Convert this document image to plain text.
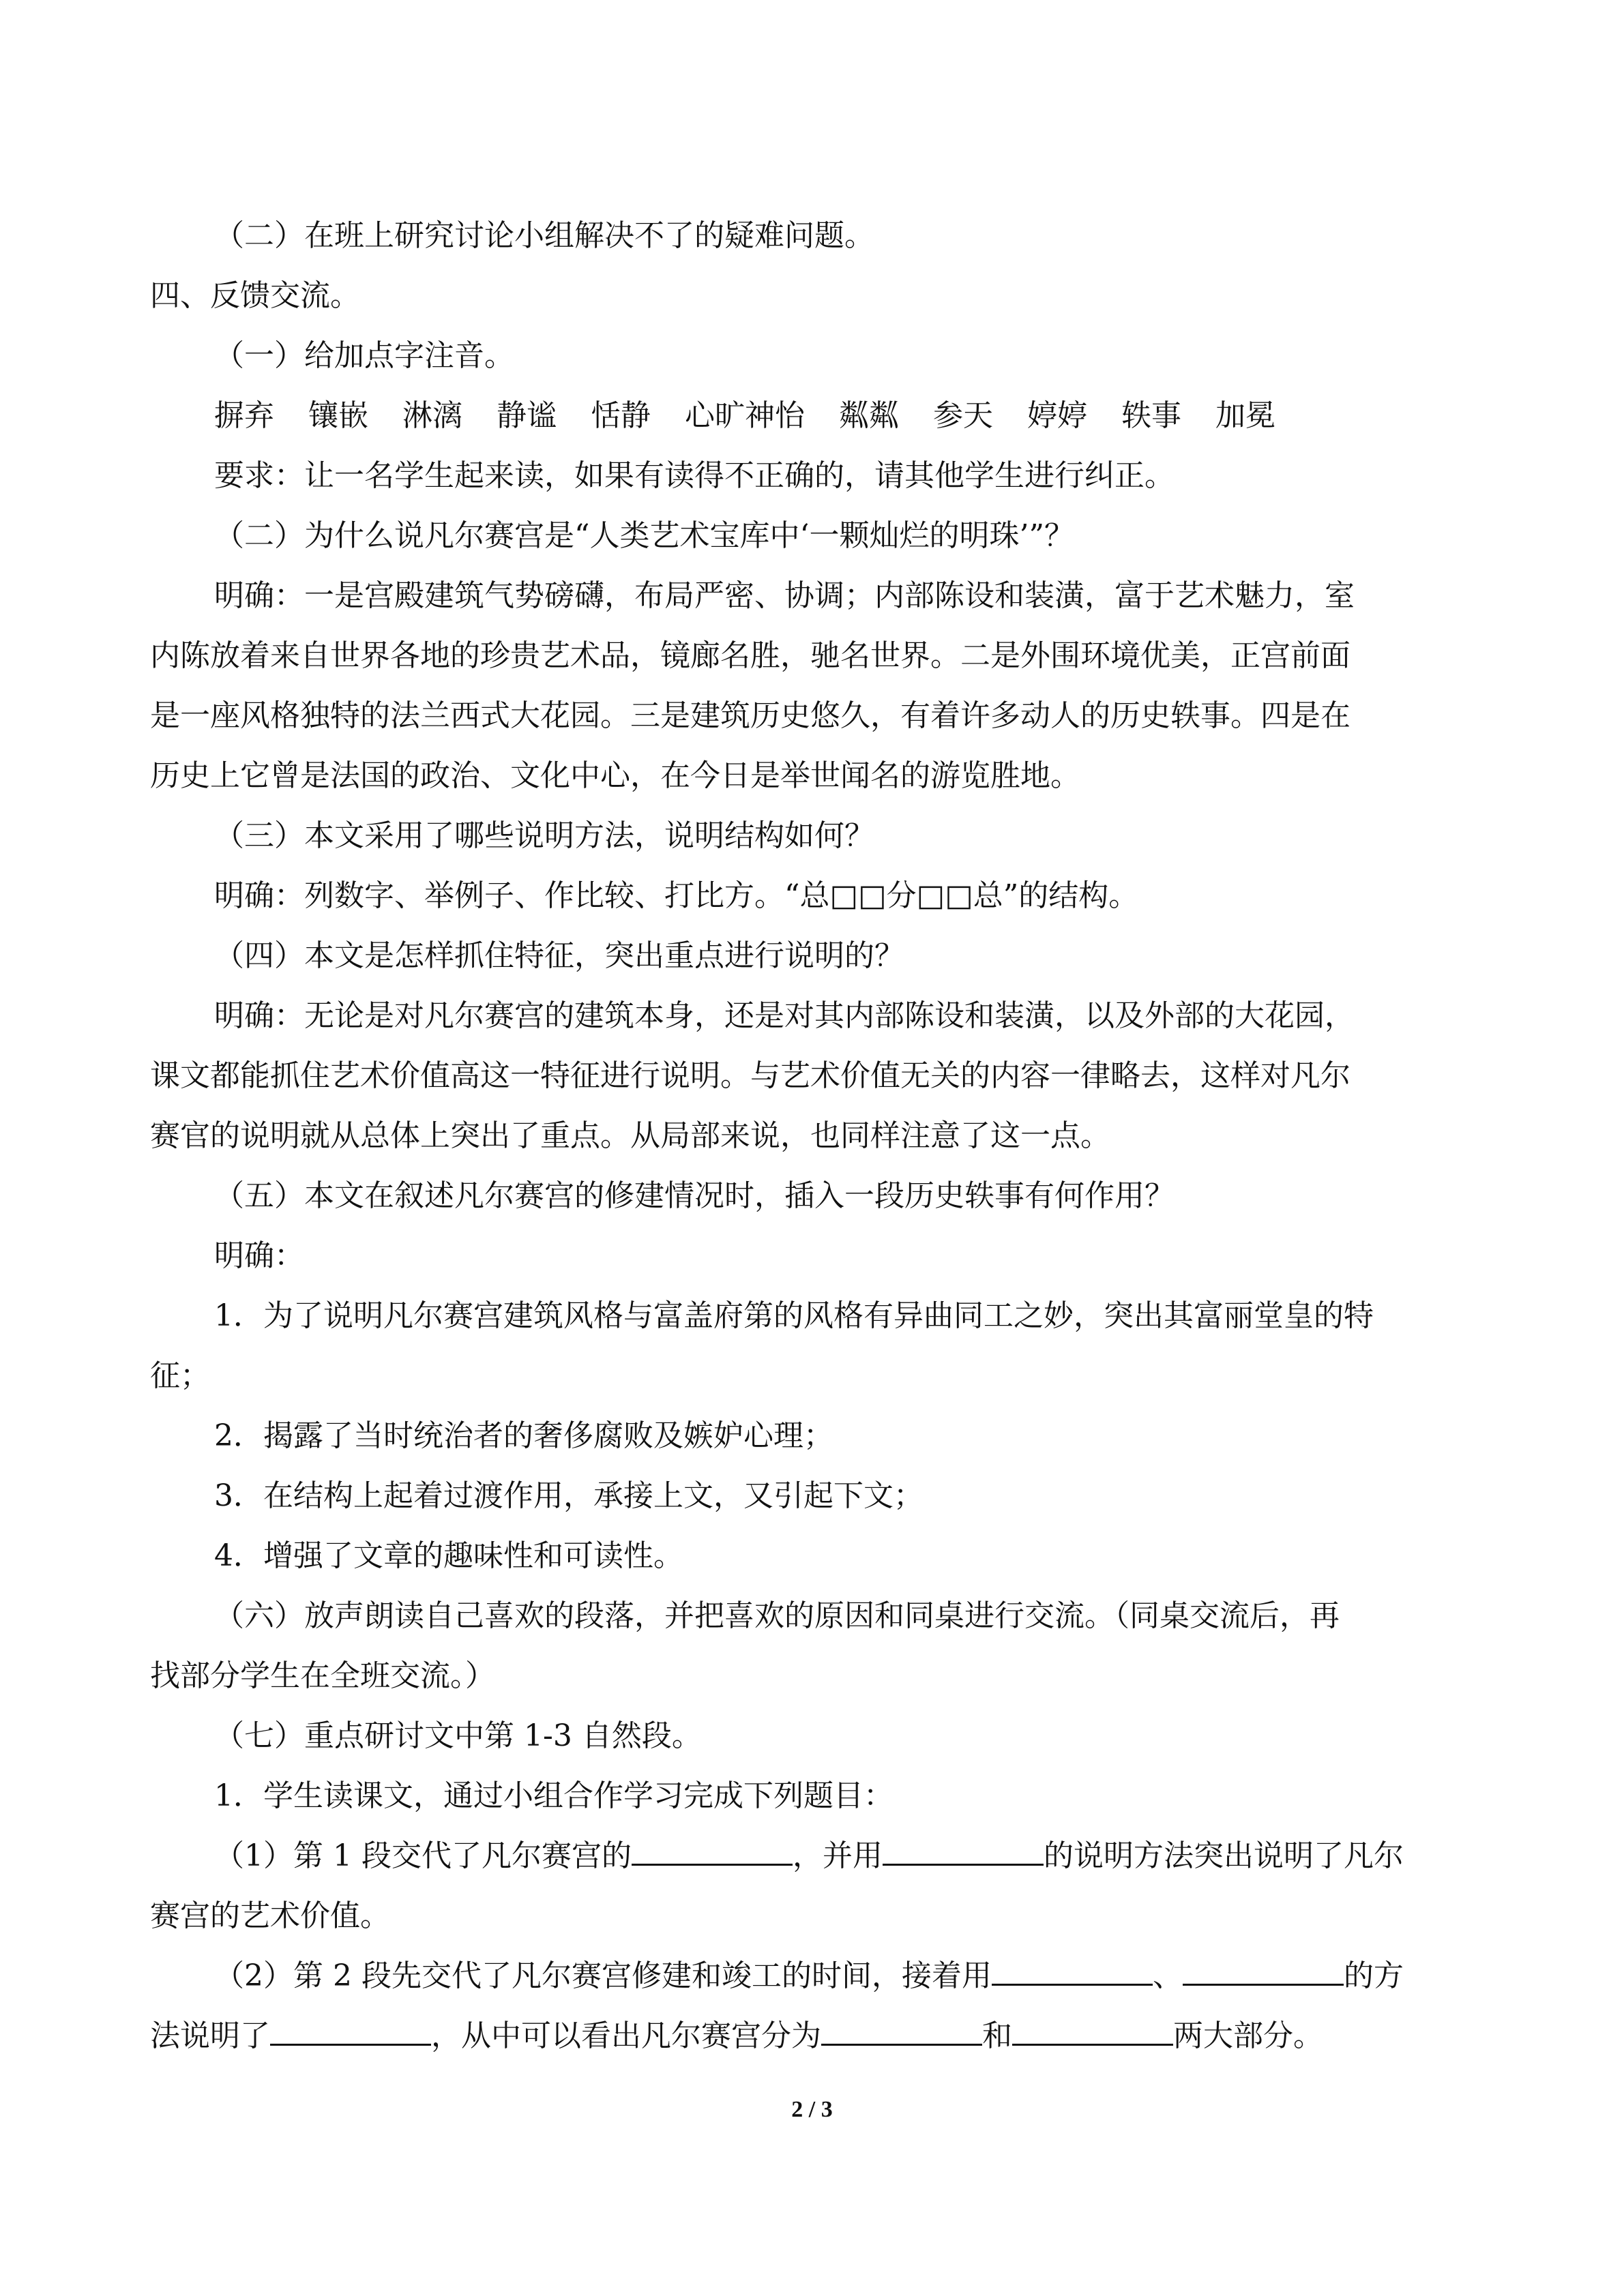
（二）在班上研究讨论小组解决不了的疑难问题。
四、反馈交流。
（一）给加点字注音。
摒弃 镶嵌 淋漓 静谧 恬静 心旷神怡 粼粼 参天 婷婷 轶事 加冕
要求：让一名学生起来读，如果有读得不正确的，请其他学生进行纠正。
（二）为什么说凡尔赛宫是“人类艺术宝库中‘一颗灿烂的明珠’”？
明确：一是宫殿建筑气势磅礴，布局严密、协调；内部陈设和装潢，富于艺术魅力，室
内陈放着来自世界各地的珍贵艺术品，镜廊名胜，驰名世界。二是外围环境优美，正宫前面
是一座风格独特的法兰西式大花园。三是建筑历史悠久，有着许多动人的历史轶事。四是在
历史上它曾是法国的政治、文化中心，在今日是举世闻名的游览胜地。
（三）本文采用了哪些说明方法，说明结构如何？
明确：列数字、举例子、作比较、打比方。“总□□分□□总”的结构。
（四）本文是怎样抓住特征，突出重点进行说明的？
明确：无论是对凡尔赛宫的建筑本身，还是对其内部陈设和装潢，以及外部的大花园，
课文都能抓住艺术价值高这一特征进行说明。与艺术价值无关的内容一律略去，这样对凡尔
赛官的说明就从总体上突出了重点。从局部来说，也同样注意了这一点。
（五）本文在叙述凡尔赛宫的修建情况时，插入一段历史轶事有何作用？
明确：
1．为了说明凡尔赛宫建筑风格与富盖府第的风格有异曲同工之妙，突出其富丽堂皇的特
征；
2．揭露了当时统治者的奢侈腐败及嫉妒心理；
3．在结构上起着过渡作用，承接上文，又引起下文；
4．增强了文章的趣味性和可读性。
（六）放声朗读自己喜欢的段落，并把喜欢的原因和同桌进行交流。（同桌交流后，再
找部分学生在全班交流。）
（七）重点研讨文中第 1-3 自然段。
1．学生读课文，通过小组合作学习完成下列题目：
（1）第 1 段交代了凡尔赛宫的	，并用	的说明方法突出说明了凡尔
赛宫的艺术价值。
（2）第 2 段先交代了凡尔赛宫修建和竣工的时间，接着用	、	的方
法说明了	，从中可以看出凡尔赛宫分为	和	两大部分。
2 / 3
